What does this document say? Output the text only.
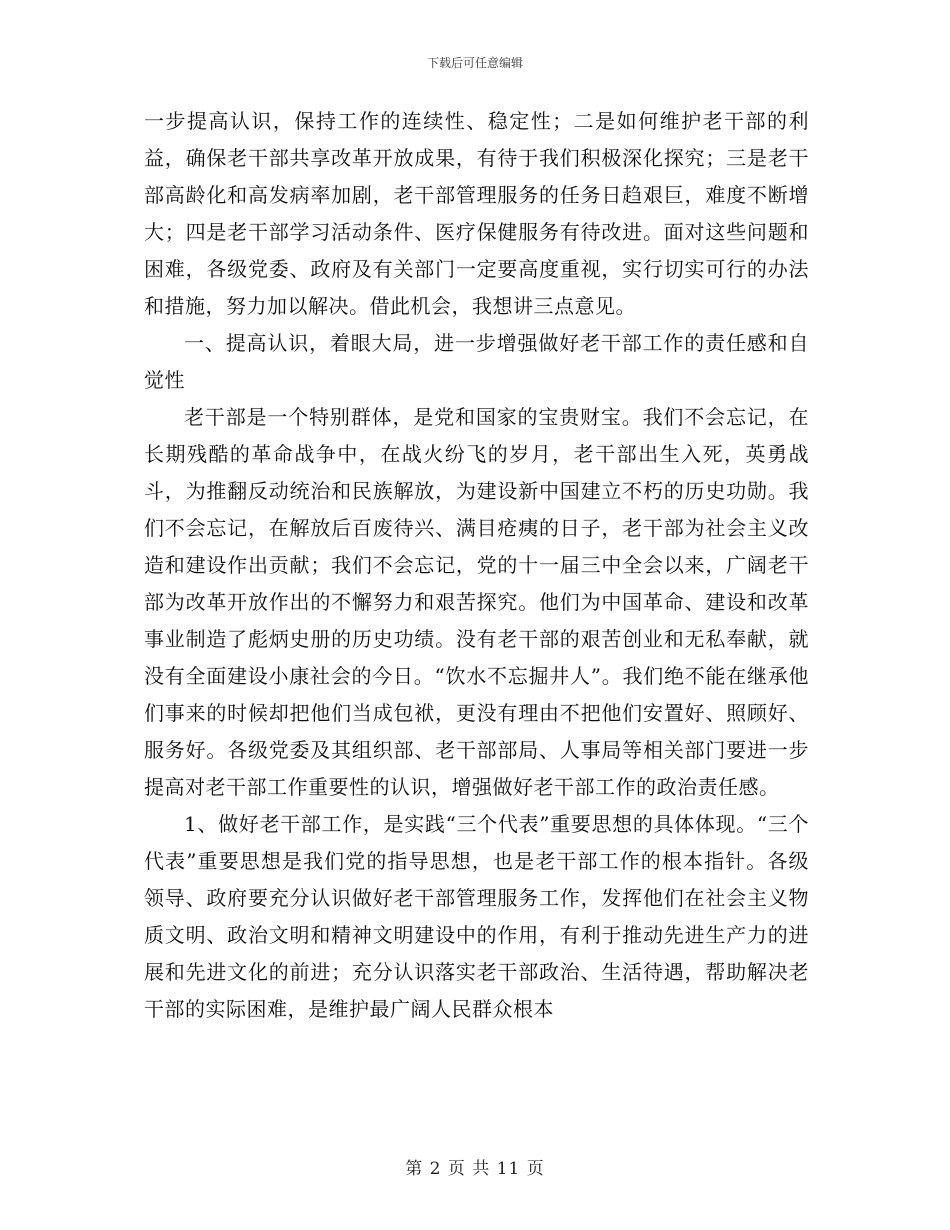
下载后可任意编辑

一步提高认识，保持工作的连续性、稳定性；二是如何维护老干部的利益，确保老干部共享改革开放成果，有待于我们积极深化探究；三是老干部高龄化和高发病率加剧，老干部管理服务的任务日趋艰巨，难度不断增大；四是老干部学习活动条件、医疗保健服务有待改进。面对这些问题和困难，各级党委、政府及有关部门一定要高度重视，实行切实可行的办法和措施，努力加以解决。借此机会，我想讲三点意见。

一、提高认识，着眼大局，进一步增强做好老干部工作的责任感和自觉性

老干部是一个特别群体，是党和国家的宝贵财宝。我们不会忘记，在长期残酷的革命战争中，在战火纷飞的岁月，老干部出生入死，英勇战斗，为推翻反动统治和民族解放，为建设新中国建立不朽的历史功勋。我们不会忘记，在解放后百废待兴、满目疮痍的日子，老干部为社会主义改造和建设作出贡献；我们不会忘记，党的十一届三中全会以来，广阔老干部为改革开放作出的不懈努力和艰苦探究。他们为中国革命、建设和改革事业制造了彪炳史册的历史功绩。没有老干部的艰苦创业和无私奉献，就没有全面建设小康社会的今日。“饮水不忘掘井人”。我们绝不能在继承他们事来的时候却把他们当成包袱，更没有理由不把他们安置好、照顾好、服务好。各级党委及其组织部、老干部部局、人事局等相关部门要进一步提高对老干部工作重要性的认识，增强做好老干部工作的政治责任感。

1、做好老干部工作，是实践“三个代表”重要思想的具体体现。“三个代表”重要思想是我们党的指导思想，也是老干部工作的根本指针。各级领导、政府要充分认识做好老干部管理服务工作，发挥他们在社会主义物质文明、政治文明和精神文明建设中的作用，有利于推动先进生产力的进展和先进文化的前进；充分认识落实老干部政治、生活待遇，帮助解决老干部的实际困难，是维护最广阔人民群众根本

第 2 页 共 11 页
